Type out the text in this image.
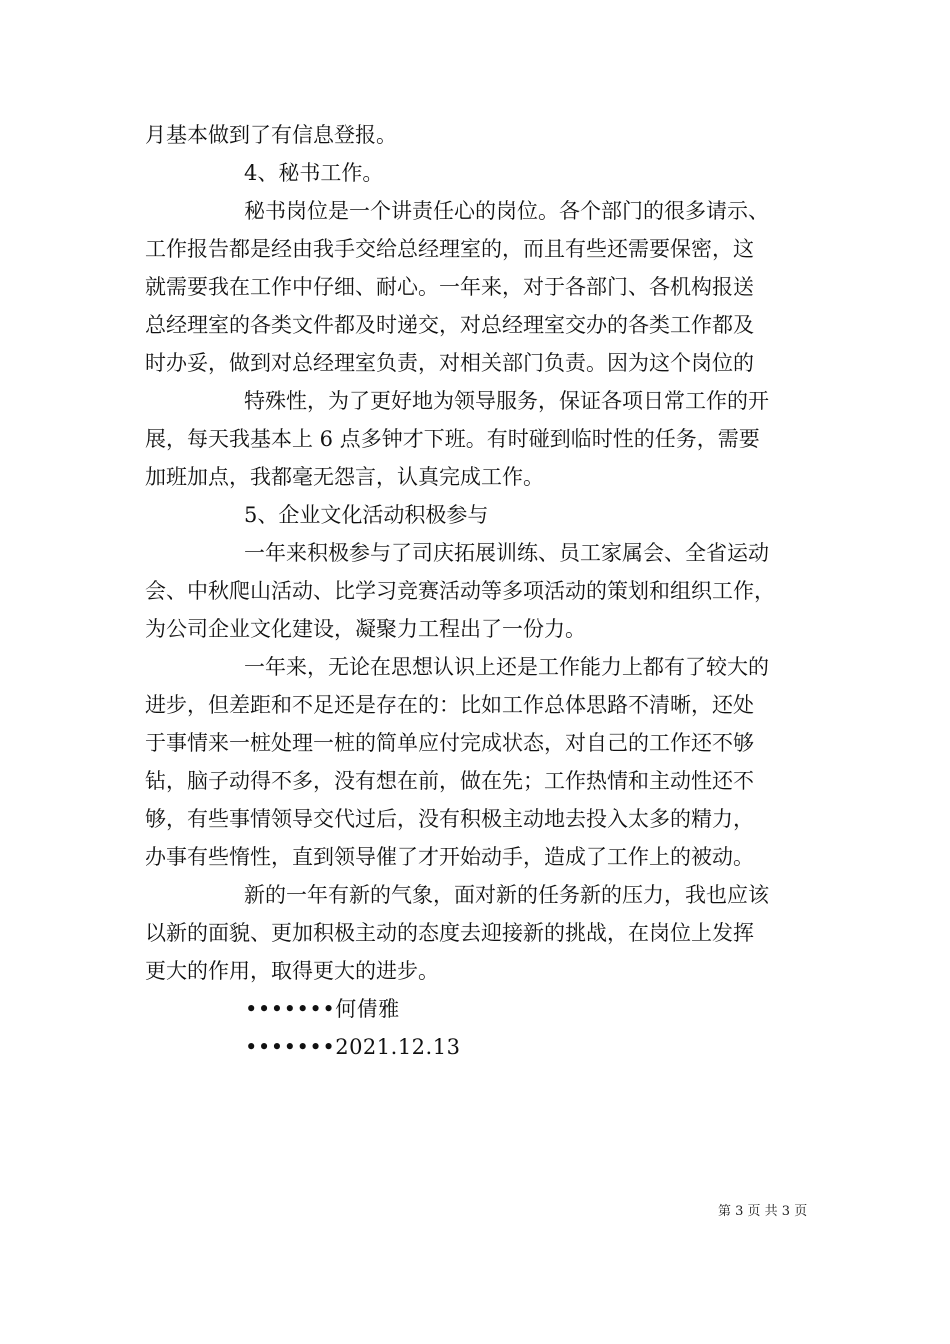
月基本做到了有信息登报。
4、秘书工作。
秘书岗位是一个讲责任心的岗位。各个部门的很多请示、
工作报告都是经由我手交给总经理室的，而且有些还需要保密，这
就需要我在工作中仔细、耐心。一年来，对于各部门、各机构报送
总经理室的各类文件都及时递交，对总经理室交办的各类工作都及
时办妥，做到对总经理室负责，对相关部门负责。因为这个岗位的
特殊性，为了更好地为领导服务，保证各项日常工作的开
展，每天我基本上 6 点多钟才下班。有时碰到临时性的任务，需要
加班加点，我都毫无怨言，认真完成工作。
5、企业文化活动积极参与
一年来积极参与了司庆拓展训练、员工家属会、全省运动
会、中秋爬山活动、比学习竞赛活动等多项活动的策划和组织工作，
为公司企业文化建设，凝聚力工程出了一份力。
一年来，无论在思想认识上还是工作能力上都有了较大的
进步，但差距和不足还是存在的：比如工作总体思路不清晰，还处
于事情来一桩处理一桩的简单应付完成状态，对自己的工作还不够
钻，脑子动得不多，没有想在前，做在先；工作热情和主动性还不
够，有些事情领导交代过后，没有积极主动地去投入太多的精力，
办事有些惰性，直到领导催了才开始动手，造成了工作上的被动。
新的一年有新的气象，面对新的任务新的压力，我也应该
以新的面貌、更加积极主动的态度去迎接新的挑战，在岗位上发挥
更大的作用，取得更大的进步。
•••••••何倩雅
•••••••2021.12.13
第 3 页 共 3 页
